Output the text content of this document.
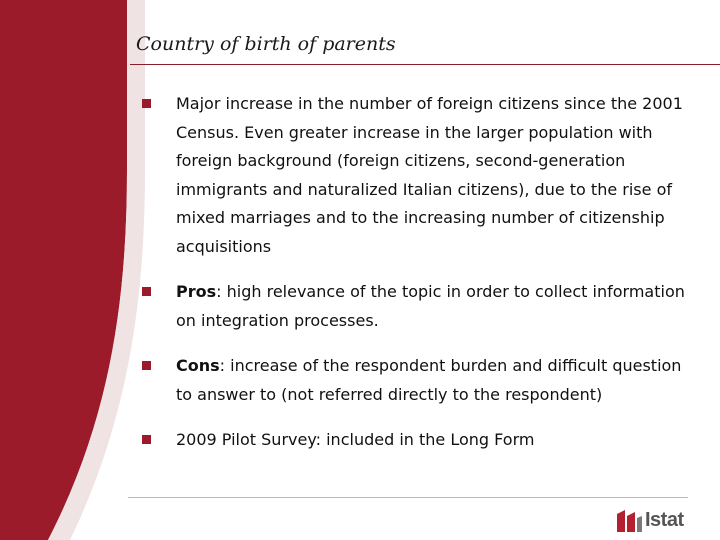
Country of birth of parents
Major increase in the number of foreign citizens since the 2001 Census. Even greater increase in the larger population with foreign background (foreign citizens, second-generation immigrants and naturalized Italian citizens), due to the rise of mixed marriages and to the increasing number of citizenship acquisitions
Pros: high relevance of the topic in order to collect information on integration processes.
Cons: increase of the respondent burden and difficult question to answer to (not referred directly to the respondent)
2009 Pilot Survey: included in the Long Form
Istat
